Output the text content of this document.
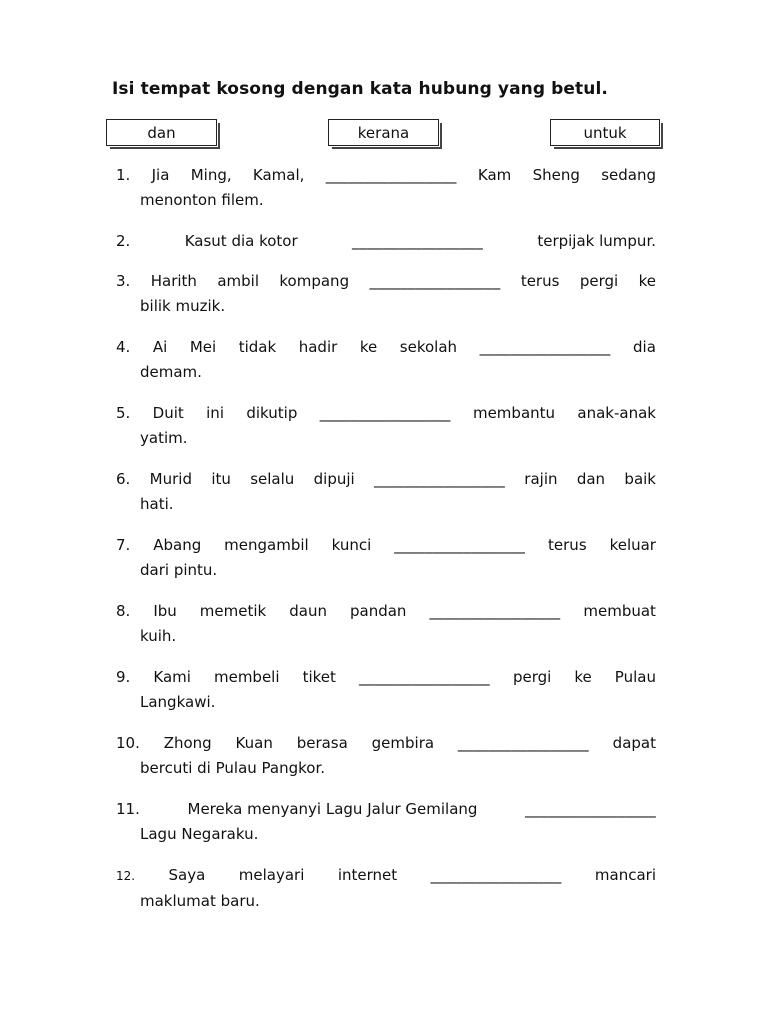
Isi tempat kosong dengan kata hubung yang betul.
dan	kerana	untuk
1. Jia Ming, Kamal, _________________ Kam Sheng sedang
menonton filem.
2.	Kasut dia kotor	_________________	terpijak lumpur.
3. Harith ambil kompang _________________ terus pergi ke
bilik muzik.
4. Ai Mei tidak hadir ke sekolah _________________ dia
demam.
5. Duit ini dikutip _________________ membantu anak-anak
yatim.
6. Murid itu selalu dipuji _________________ rajin dan baik
hati.
7. Abang mengambil kunci _________________ terus keluar
dari pintu.
8. Ibu memetik daun pandan _________________ membuat
kuih.
9. Kami membeli tiket _________________ pergi ke Pulau
Langkawi.
10. Zhong Kuan berasa gembira _________________ dapat
bercuti di Pulau Pangkor.
11.	Mereka menyanyi Lagu Jalur Gemilang	_________________
Lagu Negaraku.
12. Saya melayari internet _________________ mancari
maklumat baru.
